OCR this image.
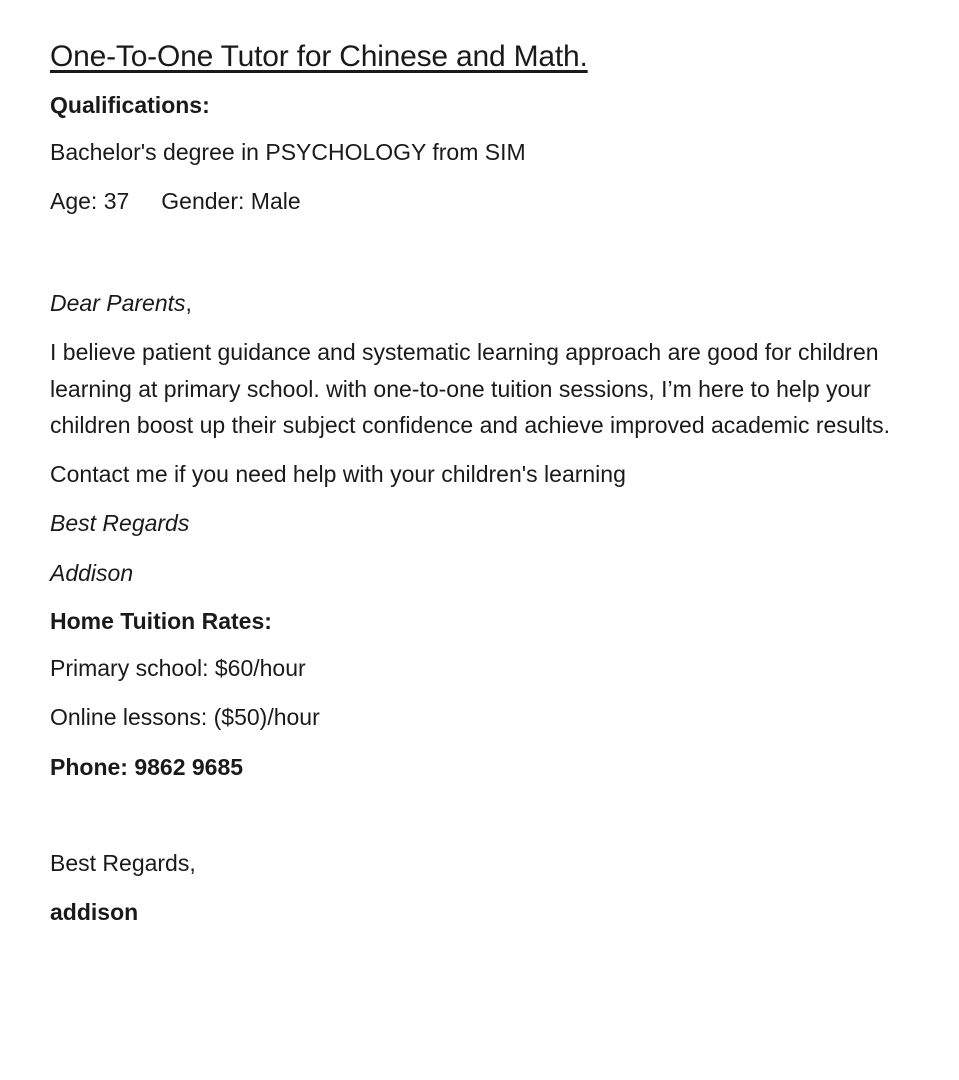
One-To-One Tutor for Chinese and Math.
Qualifications:
Bachelor's degree in PSYCHOLOGY from SIM
Age: 37 Gender: Male
Dear Parents,
I believe patient guidance and systematic learning approach are good for children learning at primary school. with one-to-one tuition sessions, I’m here to help your children boost up their subject confidence and achieve improved academic results.
Contact me if you need help with your children's learning
Best Regards
Addison
Home Tuition Rates:
Primary school: $60/hour
Online lessons: ($50)/hour
Phone: 9862 9685
Best Regards,
addison
